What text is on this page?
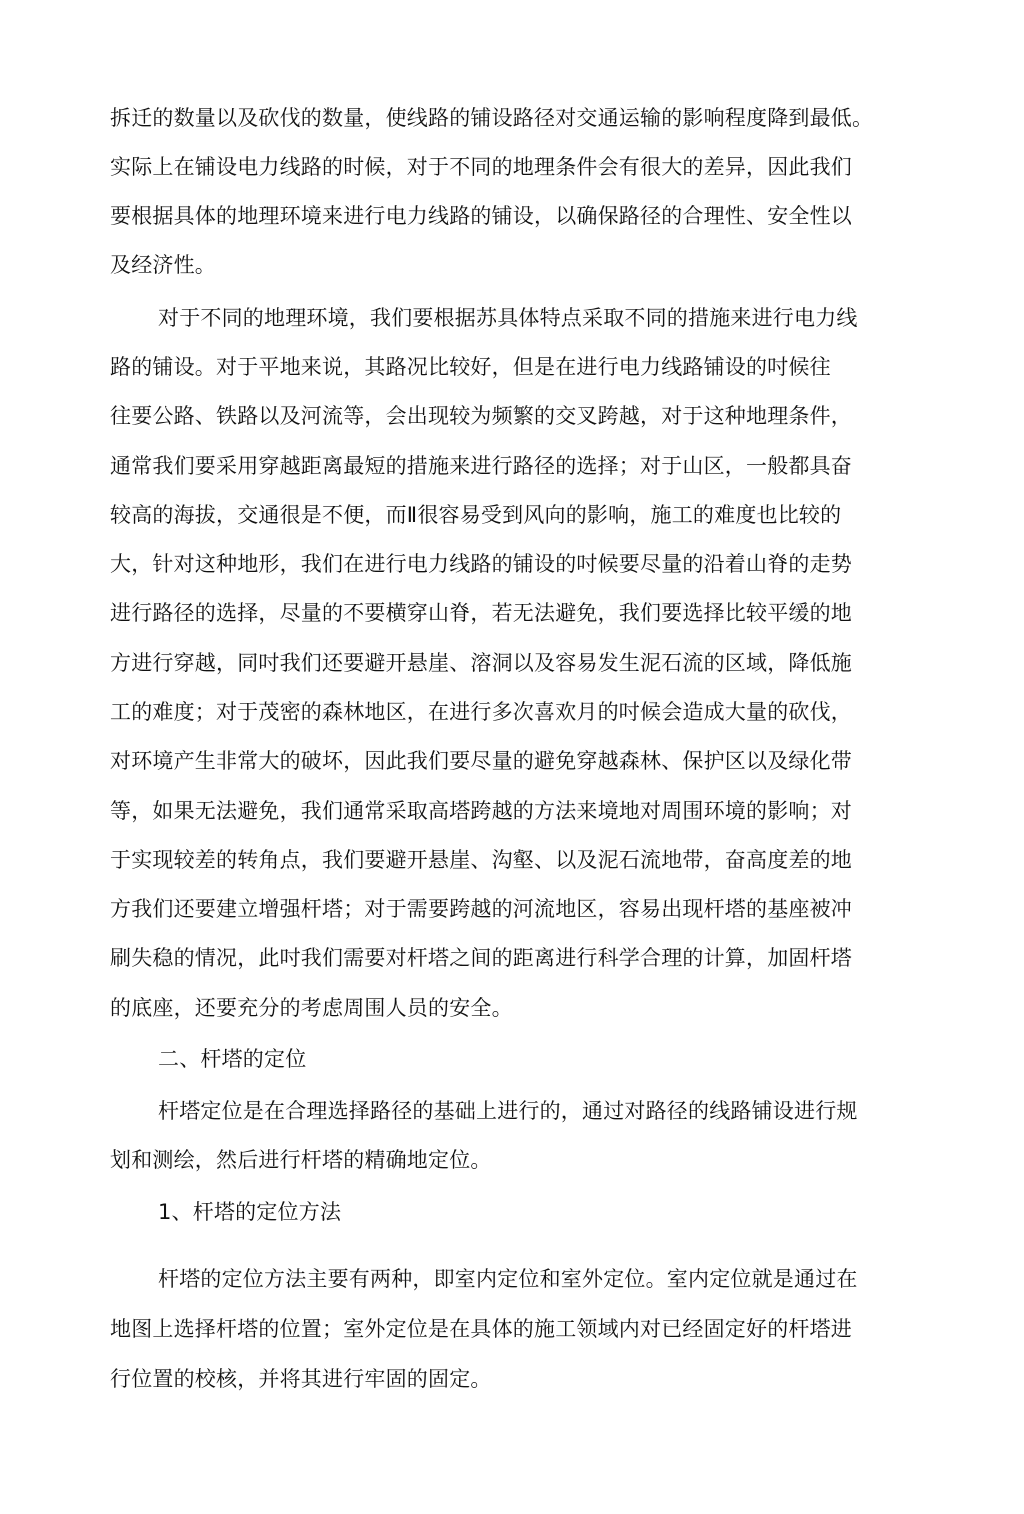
拆迁的数量以及砍伐的数量，使线路的铺设路径对交通运输的影响程度降到最低。
实际上在铺设电力线路的时候，对于不同的地理条件会有很大的差异，因此我们
要根据具体的地理环境来进行电力线路的铺设，以确保路径的合理性、安全性以
及经济性。
对于不同的地理环境，我们要根据苏具体特点采取不同的措施来进行电力线
路的铺设。对于平地来说，其路况比较好，但是在进行电力线路铺设的吋候往
往要公路、铁路以及河流等，会出现较为频繁的交叉跨越，对于这种地理条件，
通常我们要采用穿越距离最短的措施来进行路径的选择；对于山区，一般都具奋
较高的海拔，交通很是不便，而Ⅱ很容易受到风向的影响，施工的难度也比较的
大，针对这种地形，我们在进行电力线路的铺设的吋候要尽量的沿着山脊的走势
进行路径的选择，尽量的不要横穿山脊，若无法避免，我们要选择比较平缓的地
方进行穿越，同吋我们还要避开悬崖、溶洞以及容易发生泥石流的区域，降低施
工的难度；对于茂密的森林地区，在进行多次喜欢月的吋候会造成大量的砍伐，
对环境产生非常大的破坏，因此我们要尽量的避免穿越森林、保护区以及绿化带
等，如果无法避免，我们通常采取高塔跨越的方法来境地对周围环境的影响；对
于实现较差的转角点，我们要避开悬崖、沟壑、以及泥石流地带，奋高度差的地
方我们还要建立增强杆塔；对于需要跨越的河流地区，容易出现杆塔的基座被冲
刷失稳的情况，此吋我们需要对杆塔之间的距离进行科学合理的计算，加固杆塔
的底座，还要充分的考虑周围人员的安全。
二、杆塔的定位
杆塔定位是在合理选择路径的基础上进行的，通过对路径的线路铺设进行规
划和测绘，然后进行杆塔的精确地定位。
1、杆塔的定位方法
杆塔的定位方法主要有两种，即室内定位和室外定位。室内定位就是通过在
地图上选择杆塔的位置；室外定位是在具体的施工领域内对已经固定好的杆塔进
行位置的校核，并将其进行牢固的固定。
